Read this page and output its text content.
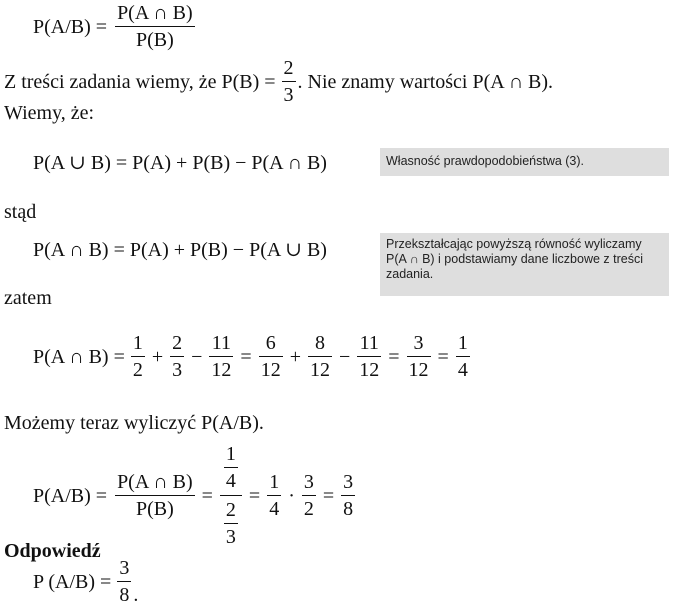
$P(A/B) = \frac{P(A \cap B)}{P(B)}$
Z treści zadania wiemy, że $P(B) = \frac{2}{3}$ . Nie znamy wartości P(A ∩ B).
Wiemy, że:
P(A ∪ B) = P(A) + P(B) − P(A ∩ B)	Własność prawdopodobieństwa (3).
stąd
P(A ∩ B) = P(A) + P(B) − P(A ∪ B)	Przekształcając powyższą równość wyliczamy P(A ∩ B) i podstawiamy dane liczbowe z treści zadania.
zatem
P(A ∩ $B) = \frac{1}{2} + \frac{2}{3} - \frac{11}{12} = \frac{6}{12} + \frac{8}{12} - \frac{11}{12} = \frac{3}{12} = \frac{1}{4}$
Możemy teraz wyliczyć P(A/B).
$P(A/B) = \frac{P(A \cap B)}{P(B)} = \frac{\frac{1}{4}}{\frac{2}{3}} = \frac{1}{4} \cdot \frac{3}{2} = \frac{3}{8}$
Odpowiedź
P $(A/B) = \frac{3}{8}$ .
